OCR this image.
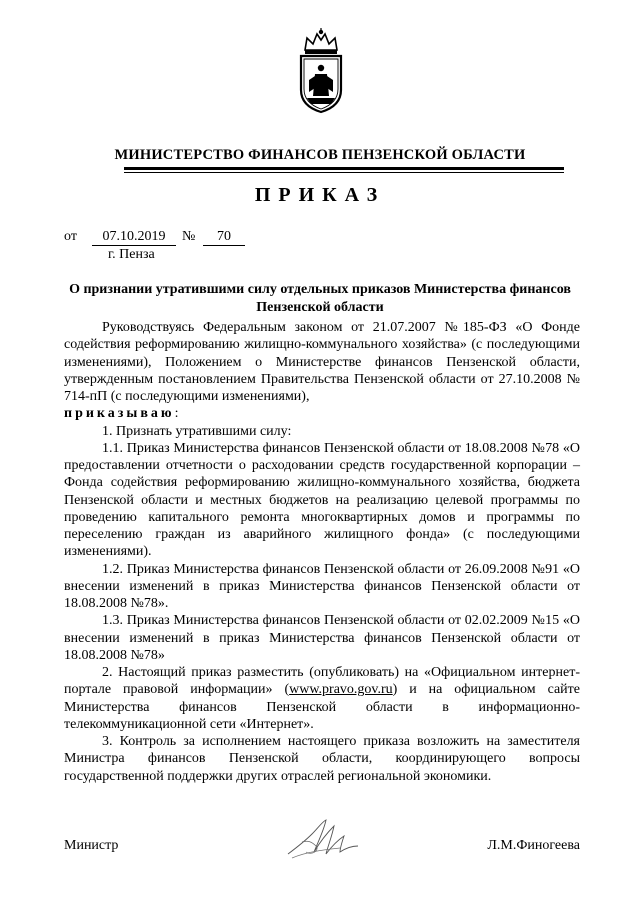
МИНИСТЕРСТВО ФИНАНСОВ ПЕНЗЕНСКОЙ ОБЛАСТИ
ПРИКАЗ
от	07.10.2019	№	70
г. Пенза
О признании утратившими силу отдельных приказов Министерства финансов Пензенской области

Руководствуясь Федеральным законом от 21.07.2007 №185-ФЗ «О Фонде содействия реформированию жилищно-коммунального хозяйства» (с последующими изменениями), Положением о Министерстве финансов Пензенской области, утвержденным постановлением Правительства Пензенской области от 27.10.2008 № 714-пП (с последующими изменениями),

приказываю:

1. Признать утратившими силу:

1.1. Приказ Министерства финансов Пензенской области от 18.08.2008 №78 «О предоставлении отчетности о расходовании средств государственной корпорации – Фонда содействия реформированию жилищно-коммунального хозяйства, бюджета Пензенской области и местных бюджетов на реализацию целевой программы по проведению капитального ремонта многоквартирных домов и программы по переселению граждан из аварийного жилищного фонда» (с последующими изменениями).

1.2. Приказ Министерства финансов Пензенской области от 26.09.2008 №91 «О внесении изменений в приказ Министерства финансов Пензенской области от 18.08.2008 №78».

1.3. Приказ Министерства финансов Пензенской области от 02.02.2009 №15 «О внесении изменений в приказ Министерства финансов Пензенской области от 18.08.2008 №78»

2. Настоящий приказ разместить (опубликовать) на «Официальном интернет-портале правовой информации» (www.pravo.gov.ru) и на официальном сайте Министерства финансов Пензенской области в информационно-телекоммуникационной сети «Интернет».

3. Контроль за исполнением настоящего приказа возложить на заместителя Министра финансов Пензенской области, координирующего вопросы государственной поддержки других отраслей региональной экономики.

Министр	Л.М.Финогеева
